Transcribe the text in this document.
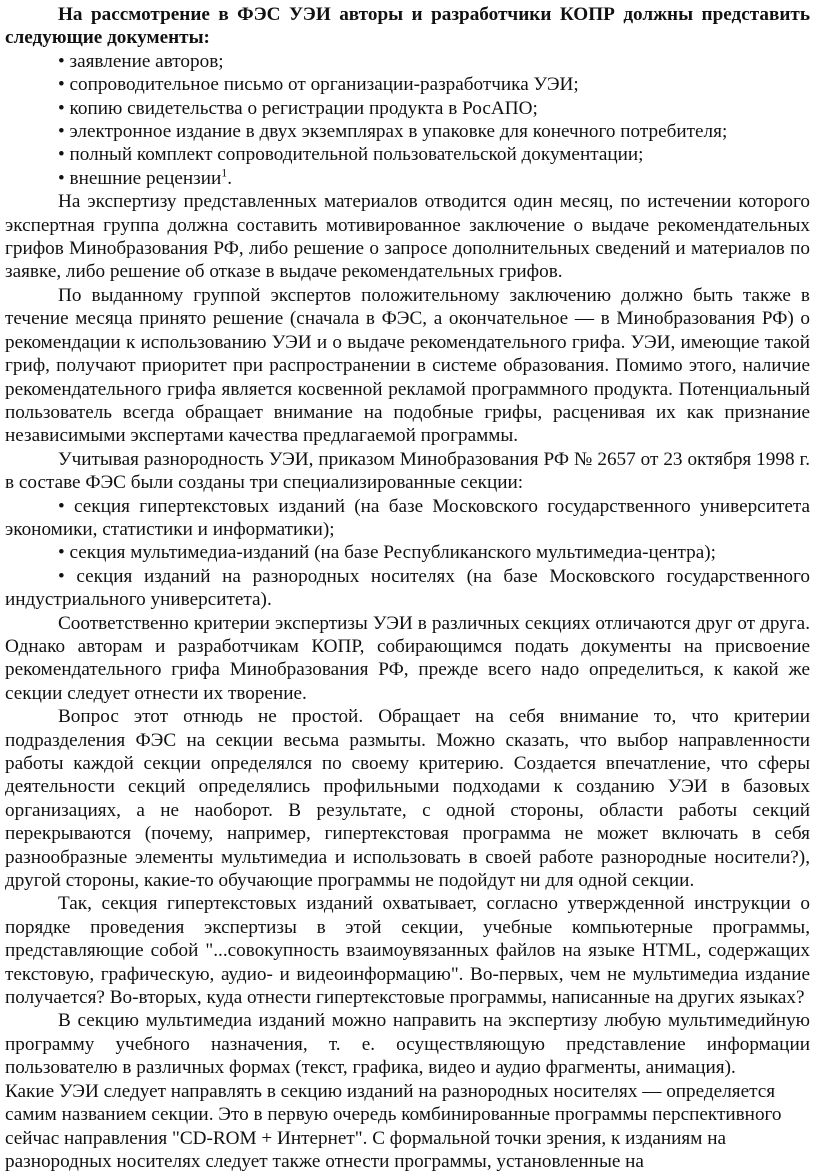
На рассмотрение в ФЭС УЭИ авторы и разработчики КОПР должны представить следующие документы:

• заявление авторов;

• сопроводительное письмо от организации-разработчика УЭИ;

• копию свидетельства о регистрации продукта в РосАПО;

• электронное издание в двух экземплярах в упаковке для конечного потребителя;

• полный комплект сопроводительной пользовательской документации;

• внешние рецензии$^1$.

На экспертизу представленных материалов отводится один месяц, по истечении которого экспертная группа должна составить мотивированное заключение о выдаче рекомендательных грифов Минобразования РФ, либо решение о запросе дополнительных сведений и материалов по заявке, либо решение об отказе в выдаче рекомендательных грифов.

По выданному группой экспертов положительному заключению должно быть также в течение месяца принято решение (сначала в ФЭС, а окончательное — в Минобразования РФ) о рекомендации к использованию УЭИ и о выдаче рекомендательного грифа. УЭИ, имеющие такой гриф, получают приоритет при распространении в системе образования. Помимо этого, наличие рекомендательного грифа является косвенной рекламой программного продукта. Потенциальный пользователь всегда обращает внимание на подобные грифы, расценивая их как признание независимыми экспертами качества предлагаемой программы.

Учитывая разнородность УЭИ, приказом Минобразования РФ № 2657 от 23 октября 1998 г. в составе ФЭС были созданы три специализированные секции:

• секция гипертекстовых изданий (на базе Московского государственного университета экономики, статистики и информатики);

• секция мультимедиа-изданий (на базе Республиканского мультимедиа-центра);

• секция изданий на разнородных носителях (на базе Московского государственного индустриального университета).

Соответственно критерии экспертизы УЭИ в различных секциях отличаются друг от друга. Однако авторам и разработчикам КОПР, собирающимся подать документы на присвоение рекомендательного грифа Минобразования РФ, прежде всего надо определиться, к какой же секции следует отнести их творение.

Вопрос этот отнюдь не простой. Обращает на себя внимание то, что критерии подразделения ФЭС на секции весьма размыты. Можно сказать, что выбор направленности работы каждой секции определялся по своему критерию. Создается впечатление, что сферы деятельности секций определялись профильными подходами к созданию УЭИ в базовых организациях, а не наоборот. В результате, с одной стороны, области работы секций перекрываются (почему, например, гипертекстовая программа не может включать в себя разнообразные элементы мультимедиа и использовать в своей работе разнородные носители?), другой стороны, какие-то обучающие программы не подойдут ни для одной секции.

Так, секция гипертекстовых изданий охватывает, согласно утвержденной инструкции о порядке проведения экспертизы в этой секции, учебные компьютерные программы, представляющие собой "...совокупность взаимоувязанных файлов на языке HTML, содержащих текстовую, графическую, аудио- и видеоинформацию". Во-первых, чем не мультимедиа издание получается? Во-вторых, куда отнести гипертекстовые программы, написанные на других языках?

В секцию мультимедиа изданий можно направить на экспертизу любую мультимедийную программу учебного назначения, т. е. осуществляющую представление информации пользователю в различных формах (текст, графика, видео и аудио фрагменты, анимация).

Какие УЭИ следует направлять в секцию изданий на разнородных носителях — определяется самим названием секции. Это в первую очередь комбинированные программы перспективного сейчас направления "CD-ROM + Интернет". С формальной точки зрения, к изданиям на разнородных носителях следует также отнести программы, установленные на
